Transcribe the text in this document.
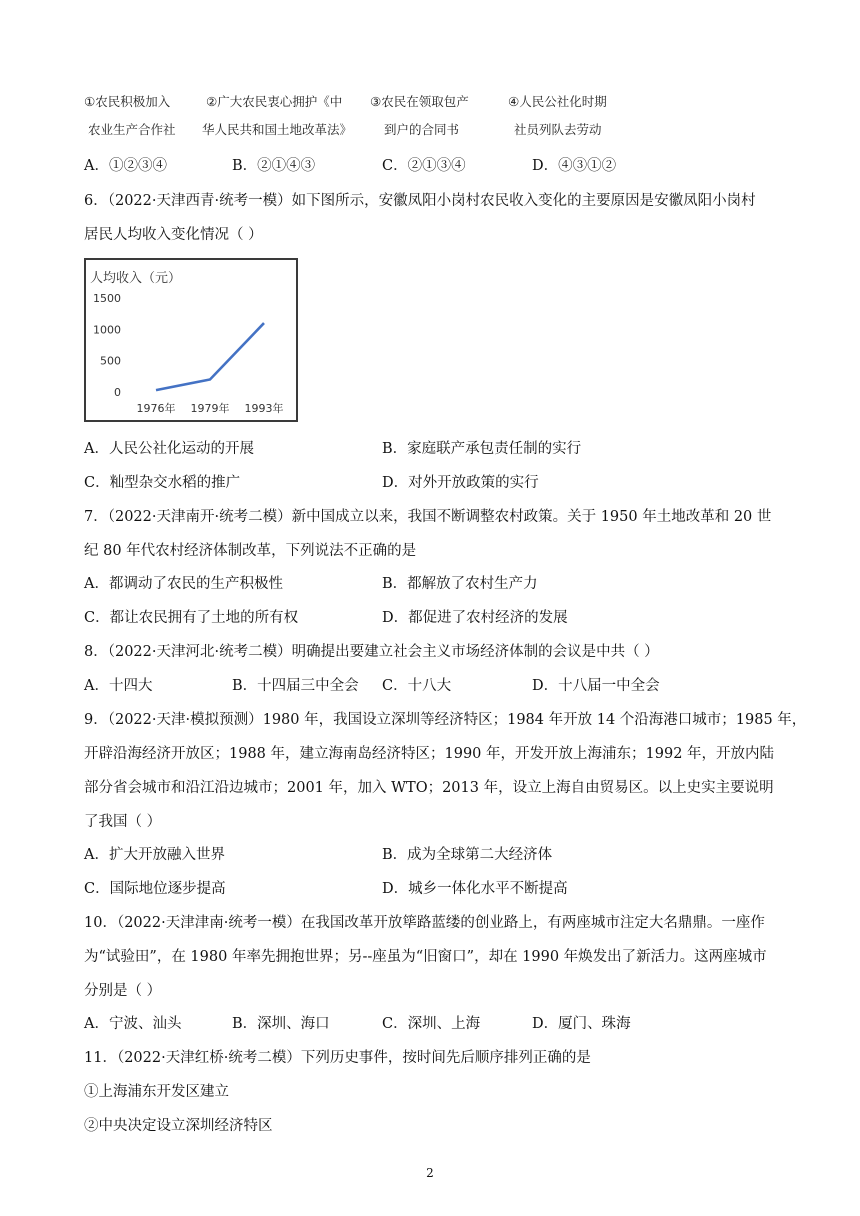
①农民积极加入	②广大农民衷心拥护《中 ③农民在领取包产	④人民公社化时期
农业生产合作社 华人民共和国土地改革法》	到户的合同书	社员列队去劳动
A．①②③④	B．②①④③	C．②①③④	D．④③①②
6．（2022·天津西青·统考一模）如下图所示，安徽凤阳小岗村农民收入变化的主要原因是安徽凤阳小岗村
居民人均收入变化情况（ ）
人均收入（元）
1500
1000
500
0
1976年 1979年 1993年
A．人民公社化运动的开展	B．家庭联产承包责任制的实行
C．籼型杂交水稻的推广	D．对外开放政策的实行
7．（2022·天津南开·统考二模）新中国成立以来，我国不断调整农村政策。关于 1950 年土地改革和 20 世
纪 80 年代农村经济体制改革，下列说法不正确的是
A．都调动了农民的生产积极性	B．都解放了农村生产力
C．都让农民拥有了土地的所有权	D．都促进了农村经济的发展
8．（2022·天津河北·统考二模）明确提出要建立社会主义市场经济体制的会议是中共（ ）
A．十四大	B．十四届三中全会 C．十八大	D．十八届一中全会
9．（2022·天津·模拟预测）1980 年，我国设立深圳等经济特区；1984 年开放 14 个沿海港口城市；1985 年，
开辟沿海经济开放区；1988 年，建立海南岛经济特区；1990 年，开发开放上海浦东；1992 年，开放内陆
部分省会城市和沿江沿边城市；2001 年，加入 WTO；2013 年，设立上海自由贸易区。以上史实主要说明
了我国（ ）
A．扩大开放融入世界	B．成为全球第二大经济体
C．国际地位逐步提高	D．城乡一体化水平不断提高
10．（2022·天津津南·统考一模）在我国改革开放筚路蓝缕的创业路上，有两座城市注定大名鼎鼎。一座作
为“试验田”，在 1980 年率先拥抱世界；另--座虽为“旧窗口”，却在 1990 年焕发出了新活力。这两座城市
分别是（ ）
A．宁波、汕头	B．深圳、海口	C．深圳、上海	D．厦门、珠海
11．（2022·天津红桥·统考二模）下列历史事件，按时间先后顺序排列正确的是
①上海浦东开发区建立
②中央决定设立深圳经济特区
2
